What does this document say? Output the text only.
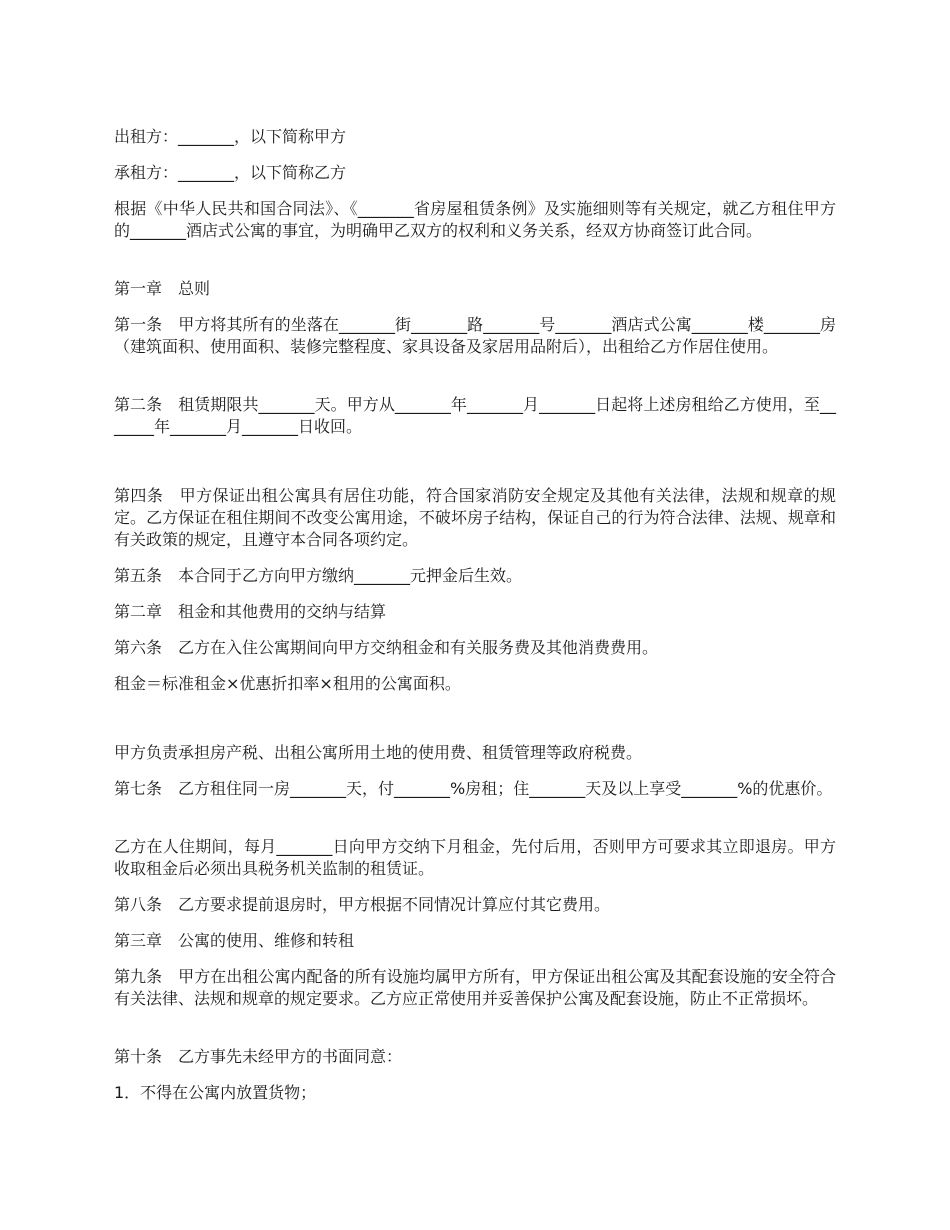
出租方：_______，以下简称甲方

承租方：_______，以下简称乙方

根据《中华人民共和国合同法》、《_______省房屋租赁条例》及实施细则等有关规定，就乙方租住甲方的_______酒店式公寓的事宜，为明确甲乙双方的权利和义务关系，经双方协商签订此合同。

第一章　总则

第一条　甲方将其所有的坐落在_______街_______路_______号_______酒店式公寓_______楼_______房（建筑面积、使用面积、装修完整程度、家具设备及家居用品附后），出租给乙方作居住使用。

第二条　租赁期限共_______天。甲方从_______年_______月_______日起将上述房租给乙方使用，至_______年_______月_______日收回。

第四条　甲方保证出租公寓具有居住功能，符合国家消防安全规定及其他有关法律，法规和规章的规定。乙方保证在租住期间不改变公寓用途，不破坏房子结构，保证自己的行为符合法律、法规、规章和有关政策的规定，且遵守本合同各项约定。

第五条　本合同于乙方向甲方缴纳_______元押金后生效。

第二章　租金和其他费用的交纳与结算

第六条　乙方在入住公寓期间向甲方交纳租金和有关服务费及其他消费费用。

租金＝标准租金×优惠折扣率×租用的公寓面积。

甲方负责承担房产税、出租公寓所用土地的使用费、租赁管理等政府税费。

第七条　乙方租住同一房_______天，付_______%房租；住_______天及以上享受_______%的优惠价。

乙方在人住期间，每月_______日向甲方交纳下月租金，先付后用，否则甲方可要求其立即退房。甲方收取租金后必须出具税务机关监制的租赁证。

第八条　乙方要求提前退房时，甲方根据不同情况计算应付其它费用。

第三章　公寓的使用、维修和转租

第九条　甲方在出租公寓内配备的所有设施均属甲方所有，甲方保证出租公寓及其配套设施的安全符合有关法律、法规和规章的规定要求。乙方应正常使用并妥善保护公寓及配套设施，防止不正常损坏。

第十条　乙方事先未经甲方的书面同意：

1．不得在公寓内放置货物；
